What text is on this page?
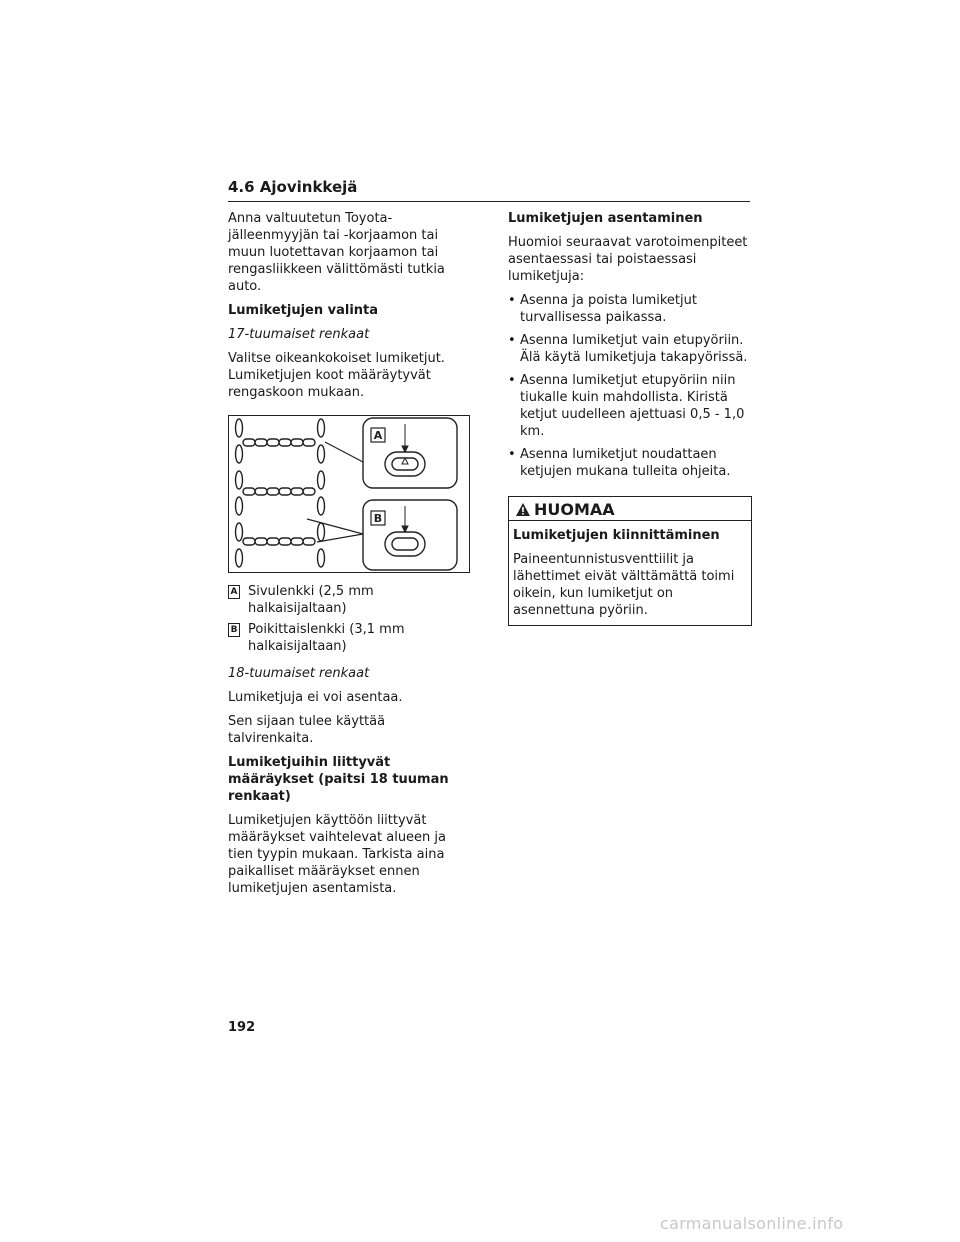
4.6 Ajovinkkejä

Anna valtuutetun Toyota-jälleenmyyjän tai -korjaamon tai muun luotettavan korjaamon tai rengasliikkeen välittömästi tutkia auto.

Lumiketjujen valinta

17-tuumaiset renkaat

Valitse oikeankokoiset lumiketjut. Lumiketjujen koot määräytyvät rengaskoon mukaan.

A
B
A Sivulenkki (2,5 mm halkaisijaltaan)
B Poikittaislenkki (3,1 mm halkaisijaltaan)

18-tuumaiset renkaat

Lumiketjuja ei voi asentaa.

Sen sijaan tulee käyttää talvirenkaita.

Lumiketjuihin liittyvät määräykset (paitsi 18 tuuman renkaat)

Lumiketjujen käyttöön liittyvät määräykset vaihtelevat alueen ja tien tyypin mukaan. Tarkista aina paikalliset määräykset ennen lumiketjujen asentamista.

Lumiketjujen asentaminen

Huomioi seuraavat varotoimenpiteet asentaessasi tai poistaessasi lumiketjuja:

• Asenna ja poista lumiketjut turvallisessa paikassa.
• Asenna lumiketjut vain etupyöriin. Älä käytä lumiketjuja takapyörissä.
• Asenna lumiketjut etupyöriin niin tiukalle kuin mahdollista. Kiristä ketjut uudelleen ajettuasi 0,5 - 1,0 km.
• Asenna lumiketjut noudattaen ketjujen mukana tulleita ohjeita.
HUOMAA

Lumiketjujen kiinnittäminen

Paineentunnistusventtiilit ja lähettimet eivät välttämättä toimi oikein, kun lumiketjut on asennettuna pyöriin.

192
carmanualsonline.info
